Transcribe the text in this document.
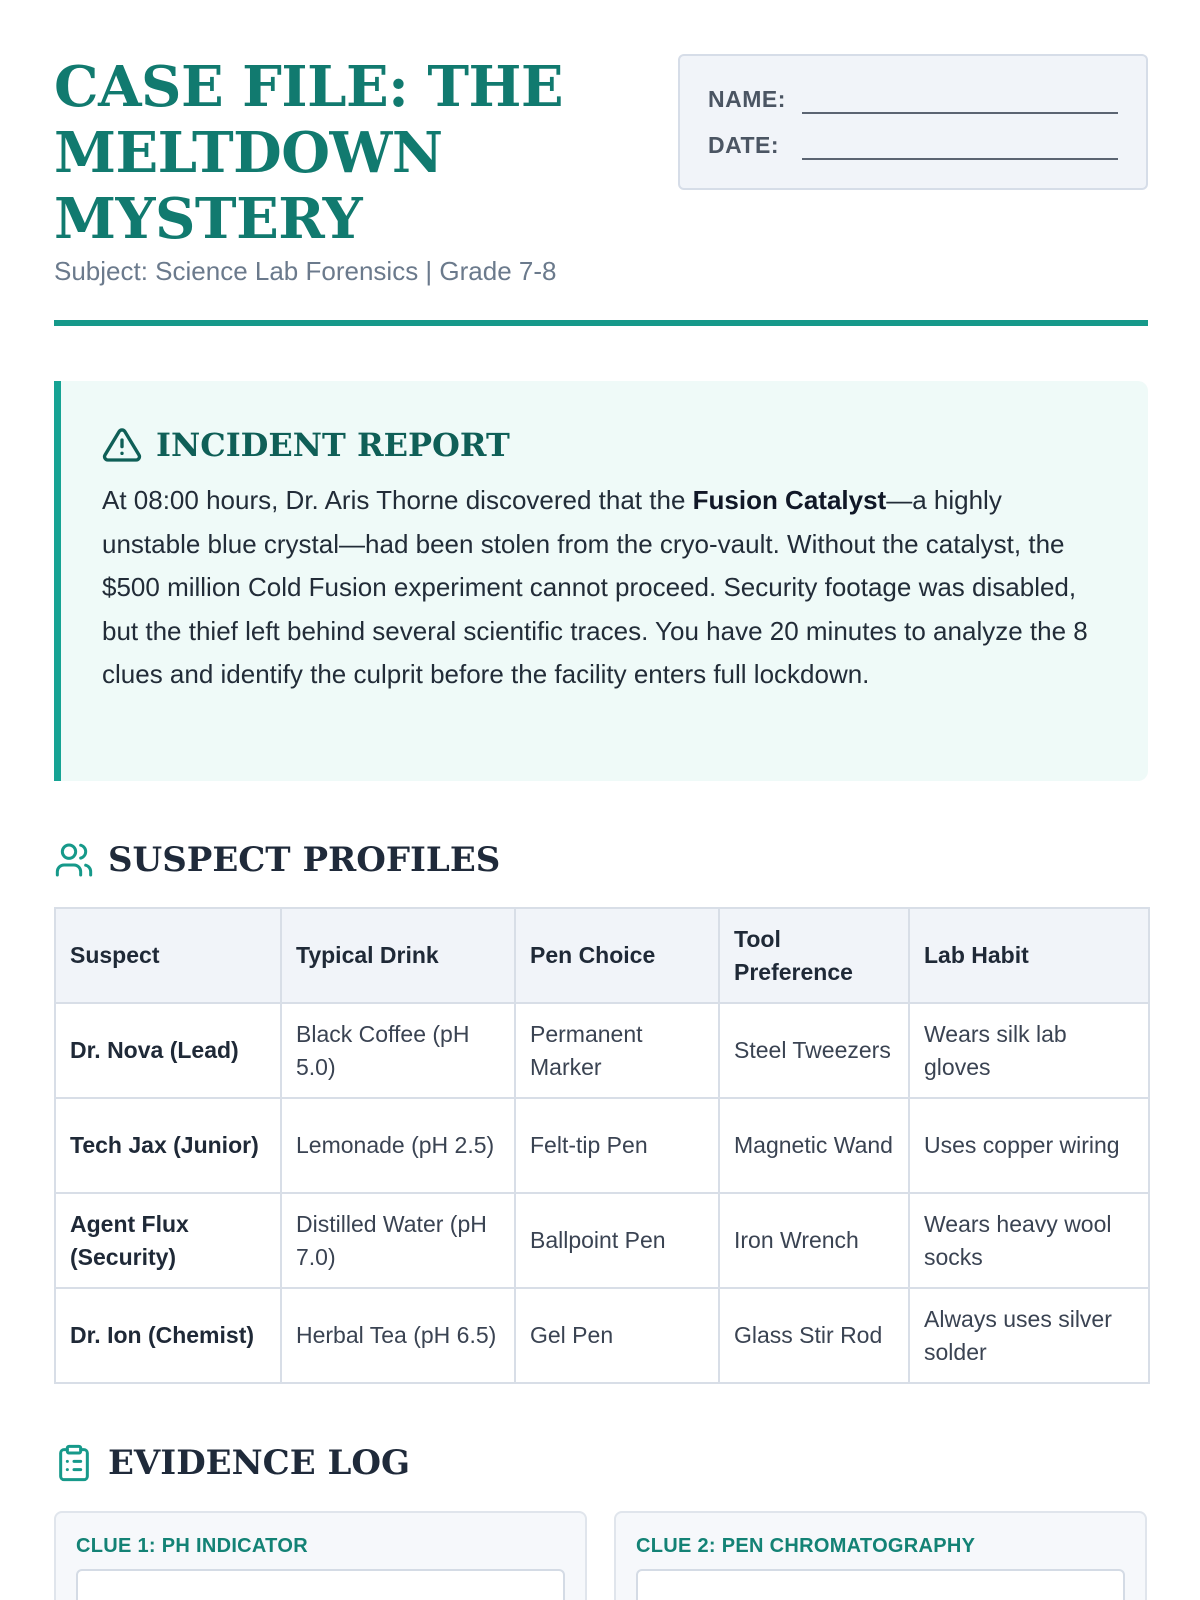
CASE FILE: THE MELTDOWN MYSTERY
Subject: Science Lab Forensics | Grade 7-8
NAME:
DATE:
INCIDENT REPORT

At 08:00 hours, Dr. Aris Thorne discovered that the Fusion Catalyst—a highly unstable blue crystal—had been stolen from the cryo-vault. Without the catalyst, the $500 million Cold Fusion experiment cannot proceed. Security footage was disabled, but the thief left behind several scientific traces. You have 20 minutes to analyze the 8 clues and identify the culprit before the facility enters full lockdown.

SUSPECT PROFILES
Suspect	Typical Drink	Pen Choice	Tool Preference	Lab Habit
Dr. Nova (Lead)	Black Coffee (pH 5.0)	Permanent Marker	Steel Tweezers	Wears silk lab gloves
Tech Jax (Junior)	Lemonade (pH 2.5)	Felt-tip Pen	Magnetic Wand	Uses copper wiring
Agent Flux (Security)	Distilled Water (pH 7.0)	Ballpoint Pen	Iron Wrench	Wears heavy wool socks
Dr. Ion (Chemist)	Herbal Tea (pH 6.5)	Gel Pen	Glass Stir Rod	Always uses silver solder
EVIDENCE LOG
CLUE 1: PH INDICATOR	CLUE 2: PEN CHROMATOGRAPHY
